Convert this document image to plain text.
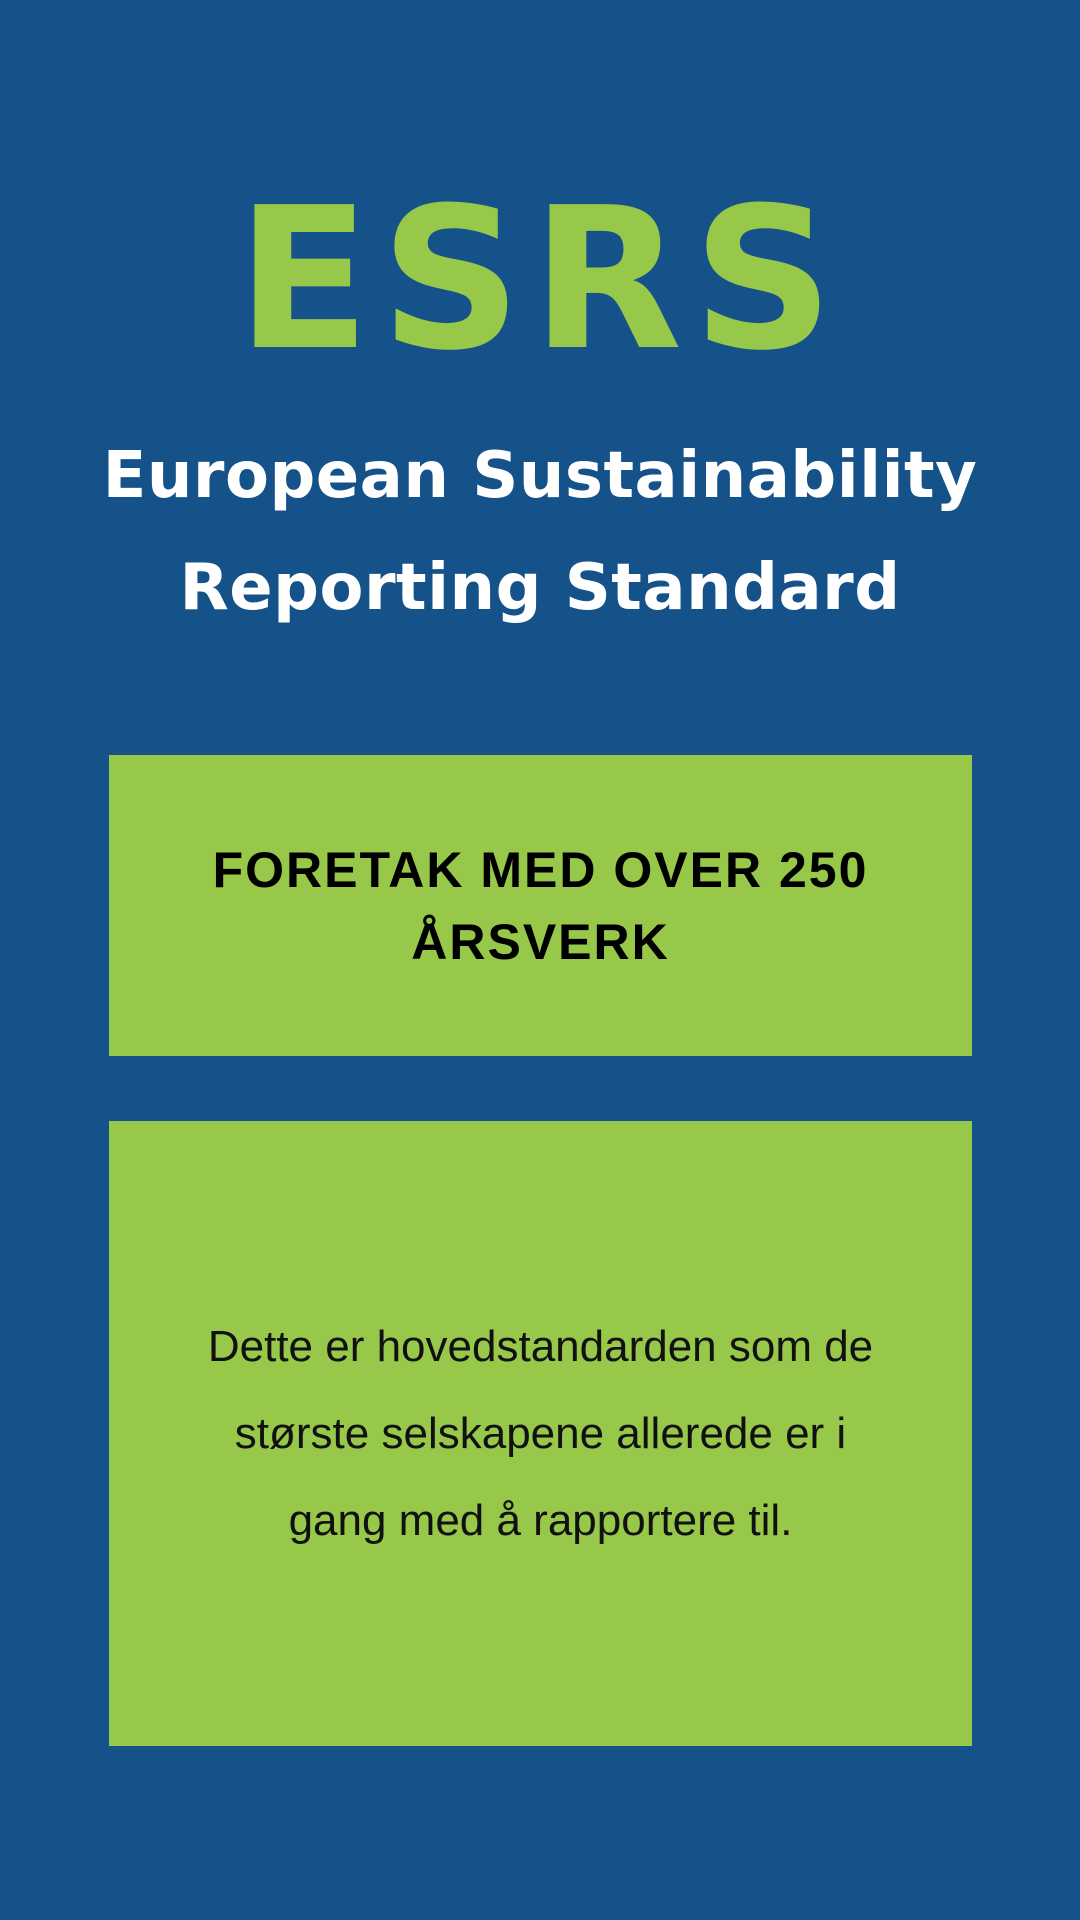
ESRS
European Sustainability
Reporting Standard
FORETAK MED OVER 250
ÅRSVERK
Dette er hovedstandarden som de
største selskapene allerede er i
gang med å rapportere til.
